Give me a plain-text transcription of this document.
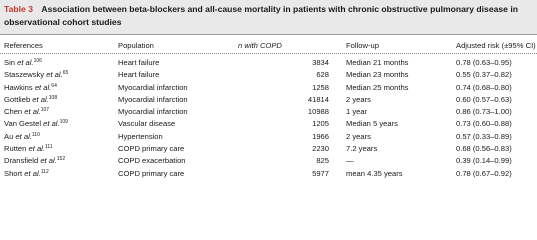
Table 3 Association between beta-blockers and all-cause mortality in patients with chronic obstructive pulmonary disease in observational cohort studies
References	Population	n with COPD	Follow-up	Adjusted risk (±95% CI)
Sin et al.$^{106}$	Heart failure	3834	Median 21 months	0.78 (0.63–0.95)
Staszewsky et al.$^{65}$	Heart failure	628	Median 23 months	0.55 (0.37–0.82)
Hawkins et al.$^{64}$	Myocardial infarction	1258	Median 25 months	0.74 (0.68–0.80)
Gottlieb et al.$^{108}$	Myocardial infarction	41814	2 years	0.60 (0.57–0.63)
Chen et al.$^{107}$	Myocardial infarction	10988	1 year	0.86 (0.73–1.00)
Van Gestel et al.$^{109}$	Vascular disease	1205	Median 5 years	0.73 (0.60–0.88)
Au et al.$^{110}$	Hypertension	1966	2 years	0.57 (0.33–0.89)
Rutten et al.$^{111}$	COPD primary care	2230	7.2 years	0.68 (0.56–0.83)
Dransfield et al.$^{152}$	COPD exacerbation	825	—	0.39 (0.14–0.99)
Short et al.$^{112}$	COPD primary care	5977	mean 4.35 years	0.78 (0.67–0.92)
